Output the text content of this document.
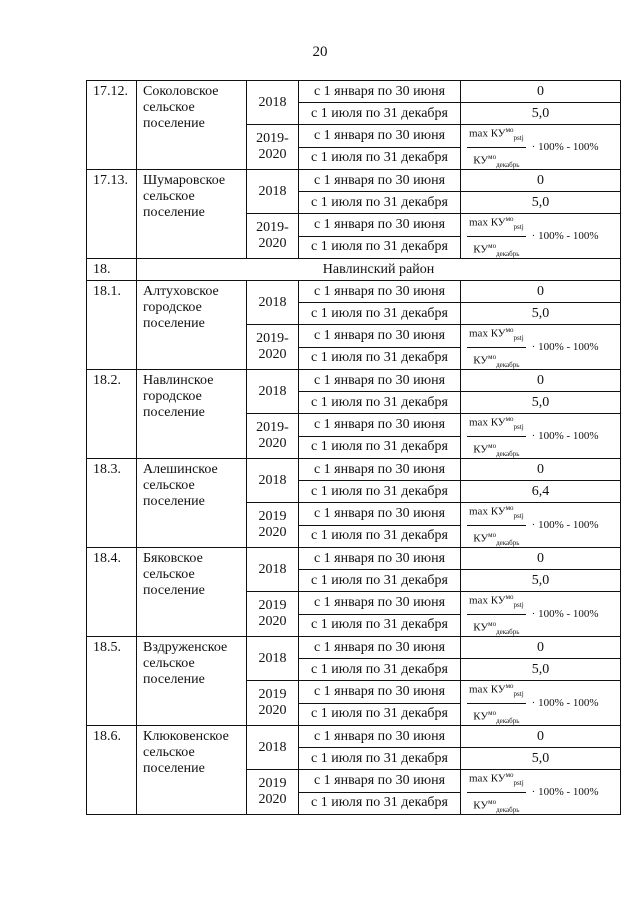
20
17.12.	Соколовское сельское поселение	2018	с 1 января по 30 июня	0
			с 1 июля по 31 декабря	5,0
		2019-2020	с 1 января по 30 июня	$\frac{\max КУ^{мо}_{pstj}}{КУ^{мо}_{декабрь}} \cdot 100\% - 100\%$

			с 1 июля по 31 декабря	
17.13.	Шумаровское сельское поселение	2018	с 1 января по 30 июня	0
			с 1 июля по 31 декабря	5,0
		2019-2020	с 1 января по 30 июня	$\frac{\max КУ^{мо}_{pstj}}{КУ^{мо}_{декабрь}} \cdot 100\% - 100\%$

			с 1 июля по 31 декабря	
18.	Навлинский район			
18.1.	Алтуховское городское поселение	2018	с 1 января по 30 июня	0
			с 1 июля по 31 декабря	5,0
		2019-2020	с 1 января по 30 июня	$\frac{\max КУ^{мо}_{pstj}}{КУ^{мо}_{декабрь}} \cdot 100\% - 100\%$

			с 1 июля по 31 декабря	
18.2.	Навлинское городское поселение	2018	с 1 января по 30 июня	0
			с 1 июля по 31 декабря	5,0
		2019-2020	с 1 января по 30 июня	$\frac{\max КУ^{мо}_{pstj}}{КУ^{мо}_{декабрь}} \cdot 100\% - 100\%$

			с 1 июля по 31 декабря	
18.3.	Алешинское сельское поселение	2018	с 1 января по 30 июня	0
			с 1 июля по 31 декабря	6,4
		2019 2020	с 1 января по 30 июня	$\frac{\max КУ^{мо}_{pstj}}{КУ^{мо}_{декабрь}} \cdot 100\% - 100\%$

			с 1 июля по 31 декабря	
18.4.	Бяковское сельское поселение	2018	с 1 января по 30 июня	0
			с 1 июля по 31 декабря	5,0
		2019 2020	с 1 января по 30 июня	$\frac{\max КУ^{мо}_{pstj}}{КУ^{мо}_{декабрь}} \cdot 100\% - 100\%$

			с 1 июля по 31 декабря	
18.5.	Вздруженское сельское поселение	2018	с 1 января по 30 июня	0
			с 1 июля по 31 декабря	5,0
		2019 2020	с 1 января по 30 июня	$\frac{\max КУ^{мо}_{pstj}}{КУ^{мо}_{декабрь}} \cdot 100\% - 100\%$

			с 1 июля по 31 декабря	
18.6.	Клюковенское сельское поселение	2018	с 1 января по 30 июня	0
			с 1 июля по 31 декабря	5,0
		2019 2020	с 1 января по 30 июня	$\frac{\max КУ^{мо}_{pstj}}{КУ^{мо}_{декабрь}} \cdot 100\% - 100\%$

			с 1 июля по 31 декабря	
